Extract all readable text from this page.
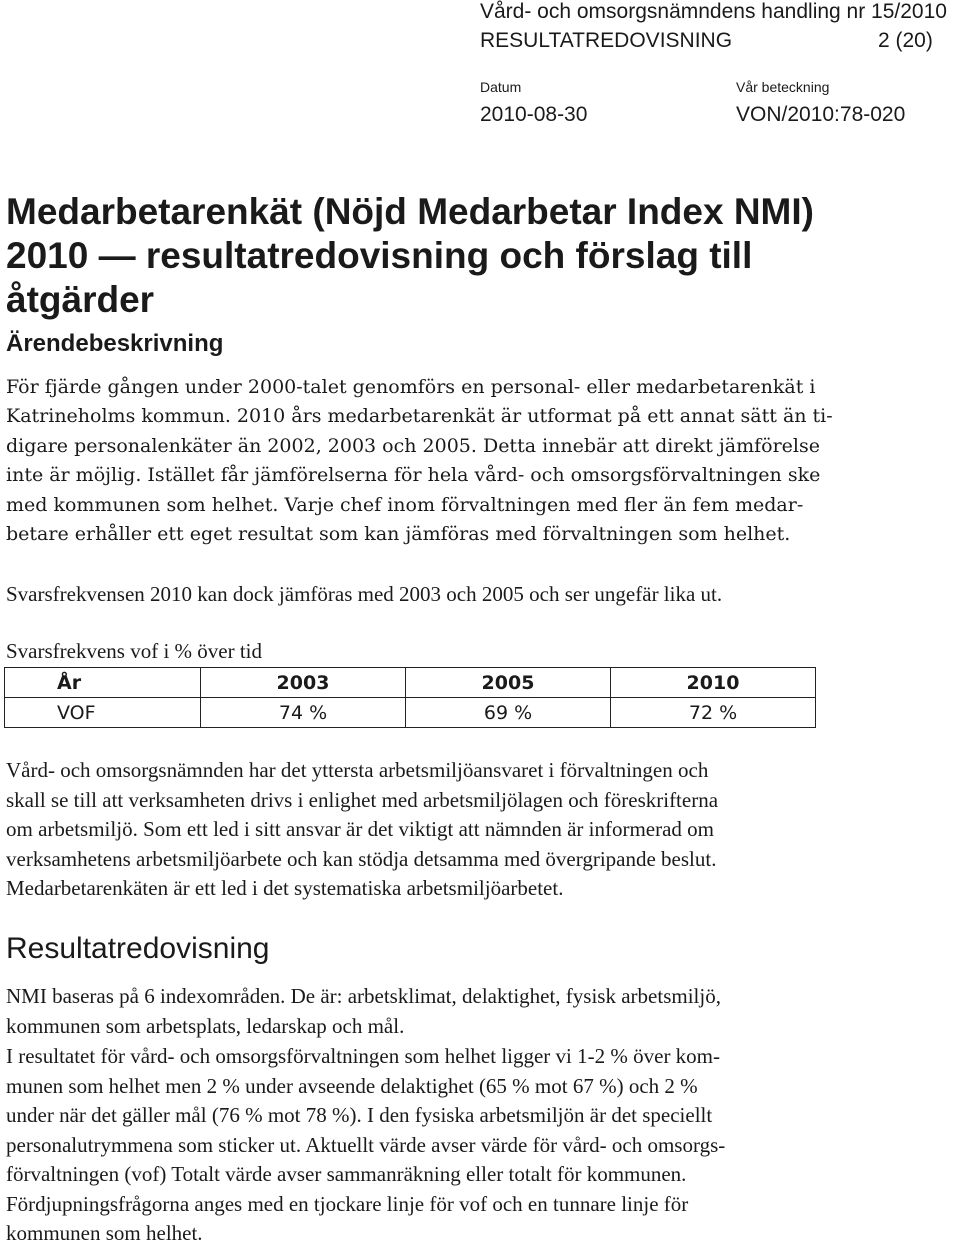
Vård- och omsorgsnämndens handling nr 15/2010
RESULTATREDOVISNING	2 (20)
Datum	Vår beteckning
2010-08-30	VON/2010:78-020
Medarbetarenkät (Nöjd Medarbetar Index NMI)
2010 — resultatredovisning och förslag till
åtgärder
Ärendebeskrivning
För fjärde gången under 2000-talet genomförs en personal- eller medarbetarenkät i
Katrineholms kommun. 2010 års medarbetarenkät är utformat på ett annat sätt än ti-
digare personalenkäter än 2002, 2003 och 2005. Detta innebär att direkt jämförelse
inte är möjlig. Istället får jämförelserna för hela vård- och omsorgsförvaltningen ske
med kommunen som helhet. Varje chef inom förvaltningen med fler än fem medar-
betare erhåller ett eget resultat som kan jämföras med förvaltningen som helhet.
Svarsfrekvensen 2010 kan dock jämföras med 2003 och 2005 och ser ungefär lika ut.
Svarsfrekvens vof i % över tid
År	2003	2005	2010
VOF	74 %	69 %	72 %
Vård- och omsorgsnämnden har det yttersta arbetsmiljöansvaret i förvaltningen och
skall se till att verksamheten drivs i enlighet med arbetsmiljölagen och föreskrifterna
om arbetsmiljö. Som ett led i sitt ansvar är det viktigt att nämnden är informerad om
verksamhetens arbetsmiljöarbete och kan stödja detsamma med övergripande beslut.
Medarbetarenkäten är ett led i det systematiska arbetsmiljöarbetet.
Resultatredovisning
NMI baseras på 6 indexområden. De är: arbetsklimat, delaktighet, fysisk arbetsmiljö,
kommunen som arbetsplats, ledarskap och mål.
I resultatet för vård- och omsorgsförvaltningen som helhet ligger vi 1-2 % över kom-
munen som helhet men 2 % under avseende delaktighet (65 % mot 67 %) och 2 %
under när det gäller mål (76 % mot 78 %). I den fysiska arbetsmiljön är det speciellt
personalutrymmena som sticker ut. Aktuellt värde avser värde för vård- och omsorgs-
förvaltningen (vof) Totalt värde avser sammanräkning eller totalt för kommunen.
Fördjupningsfrågorna anges med en tjockare linje för vof och en tunnare linje för
kommunen som helhet.
